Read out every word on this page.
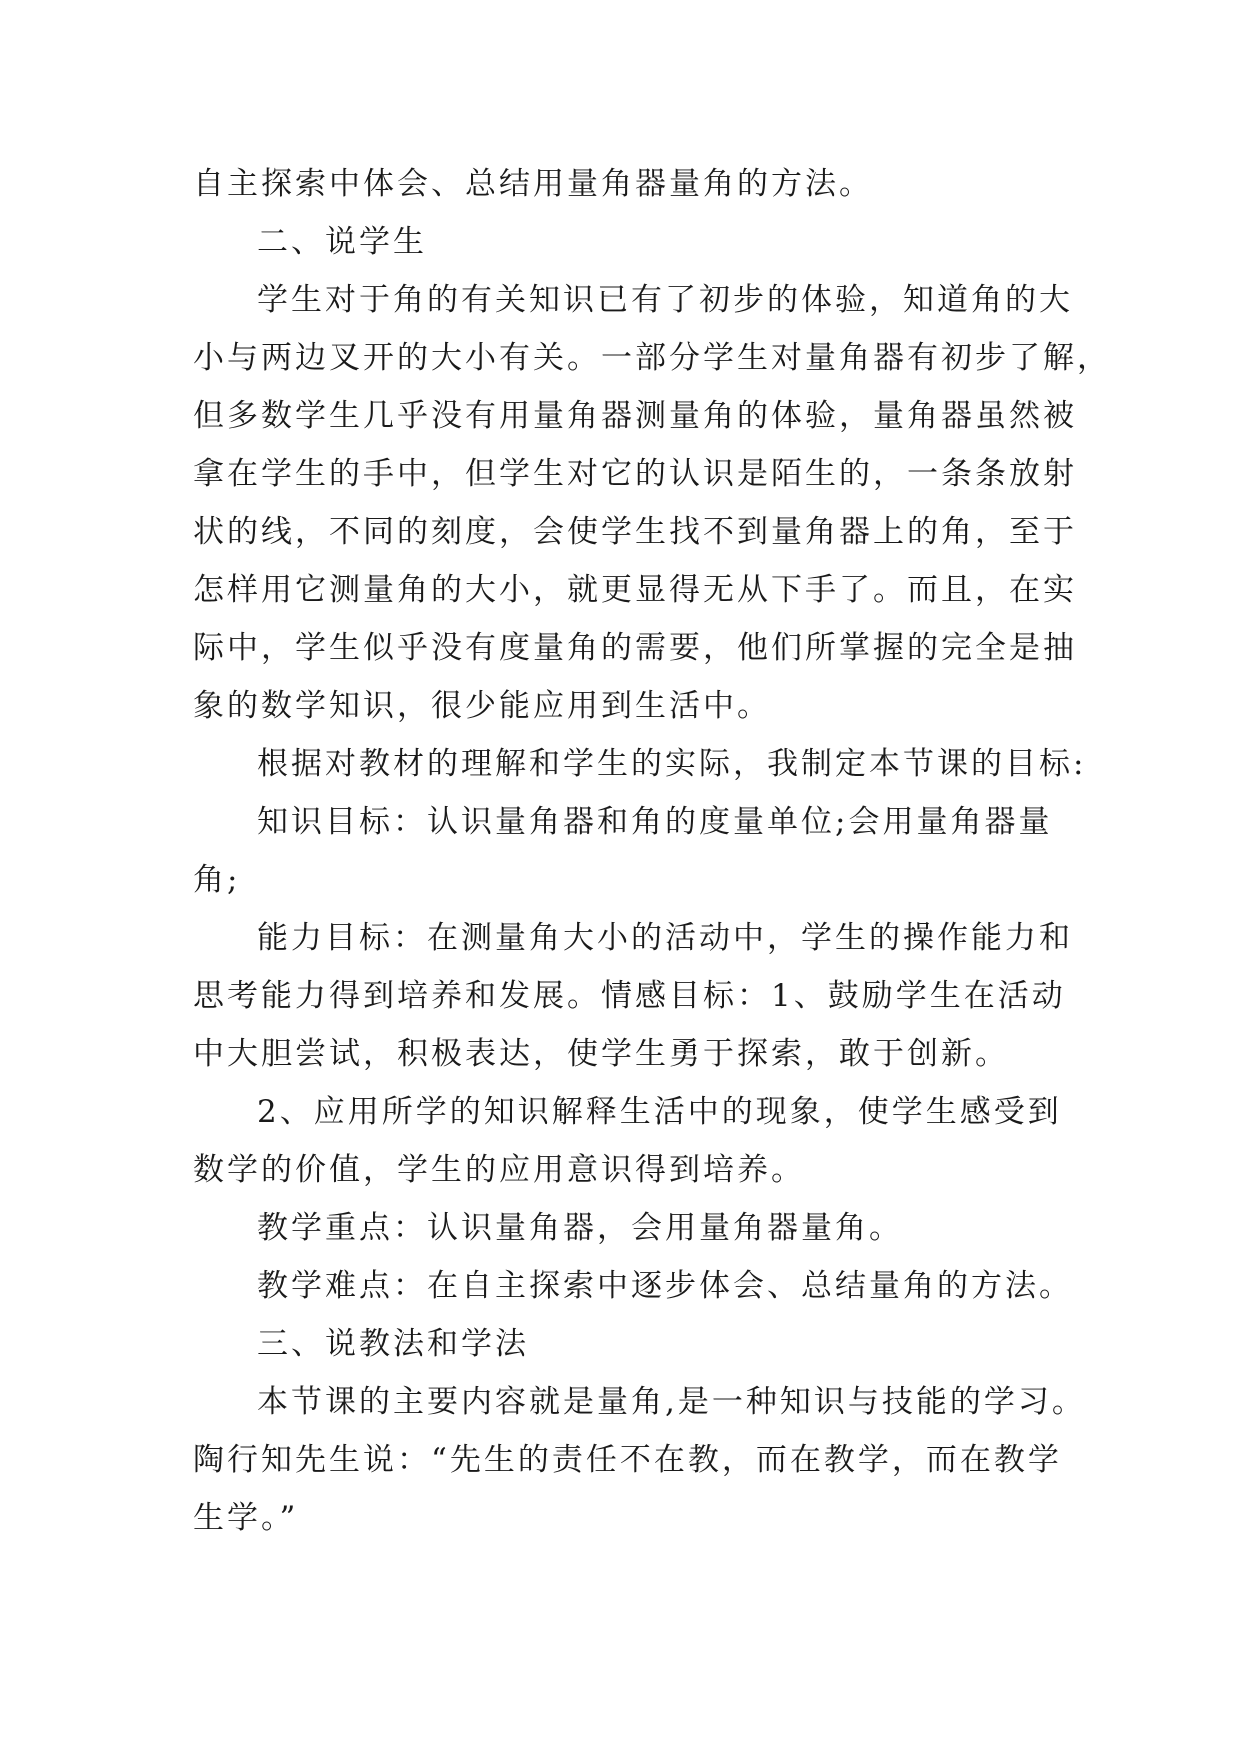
自主探索中体会、总结用量角器量角的方法。
二、说学生
学生对于角的有关知识已有了初步的体验，知道角的大
小与两边叉开的大小有关。一部分学生对量角器有初步了解，
但多数学生几乎没有用量角器测量角的体验，量角器虽然被
拿在学生的手中，但学生对它的认识是陌生的，一条条放射
状的线，不同的刻度，会使学生找不到量角器上的角，至于
怎样用它测量角的大小，就更显得无从下手了。而且，在实
际中，学生似乎没有度量角的需要，他们所掌握的完全是抽
象的数学知识，很少能应用到生活中。
根据对教材的理解和学生的实际，我制定本节课的目标:
知识目标：认识量角器和角的度量单位;会用量角器量
角;
能力目标：在测量角大小的活动中，学生的操作能力和
思考能力得到培养和发展。情感目标：1、鼓励学生在活动
中大胆尝试，积极表达，使学生勇于探索，敢于创新。
2、应用所学的知识解释生活中的现象，使学生感受到
数学的价值，学生的应用意识得到培养。
教学重点：认识量角器，会用量角器量角。
教学难点：在自主探索中逐步体会、总结量角的方法。
三、说教法和学法
本节课的主要内容就是量角,是一种知识与技能的学习。
陶行知先生说：“先生的责任不在教，而在教学，而在教学
生学。”
